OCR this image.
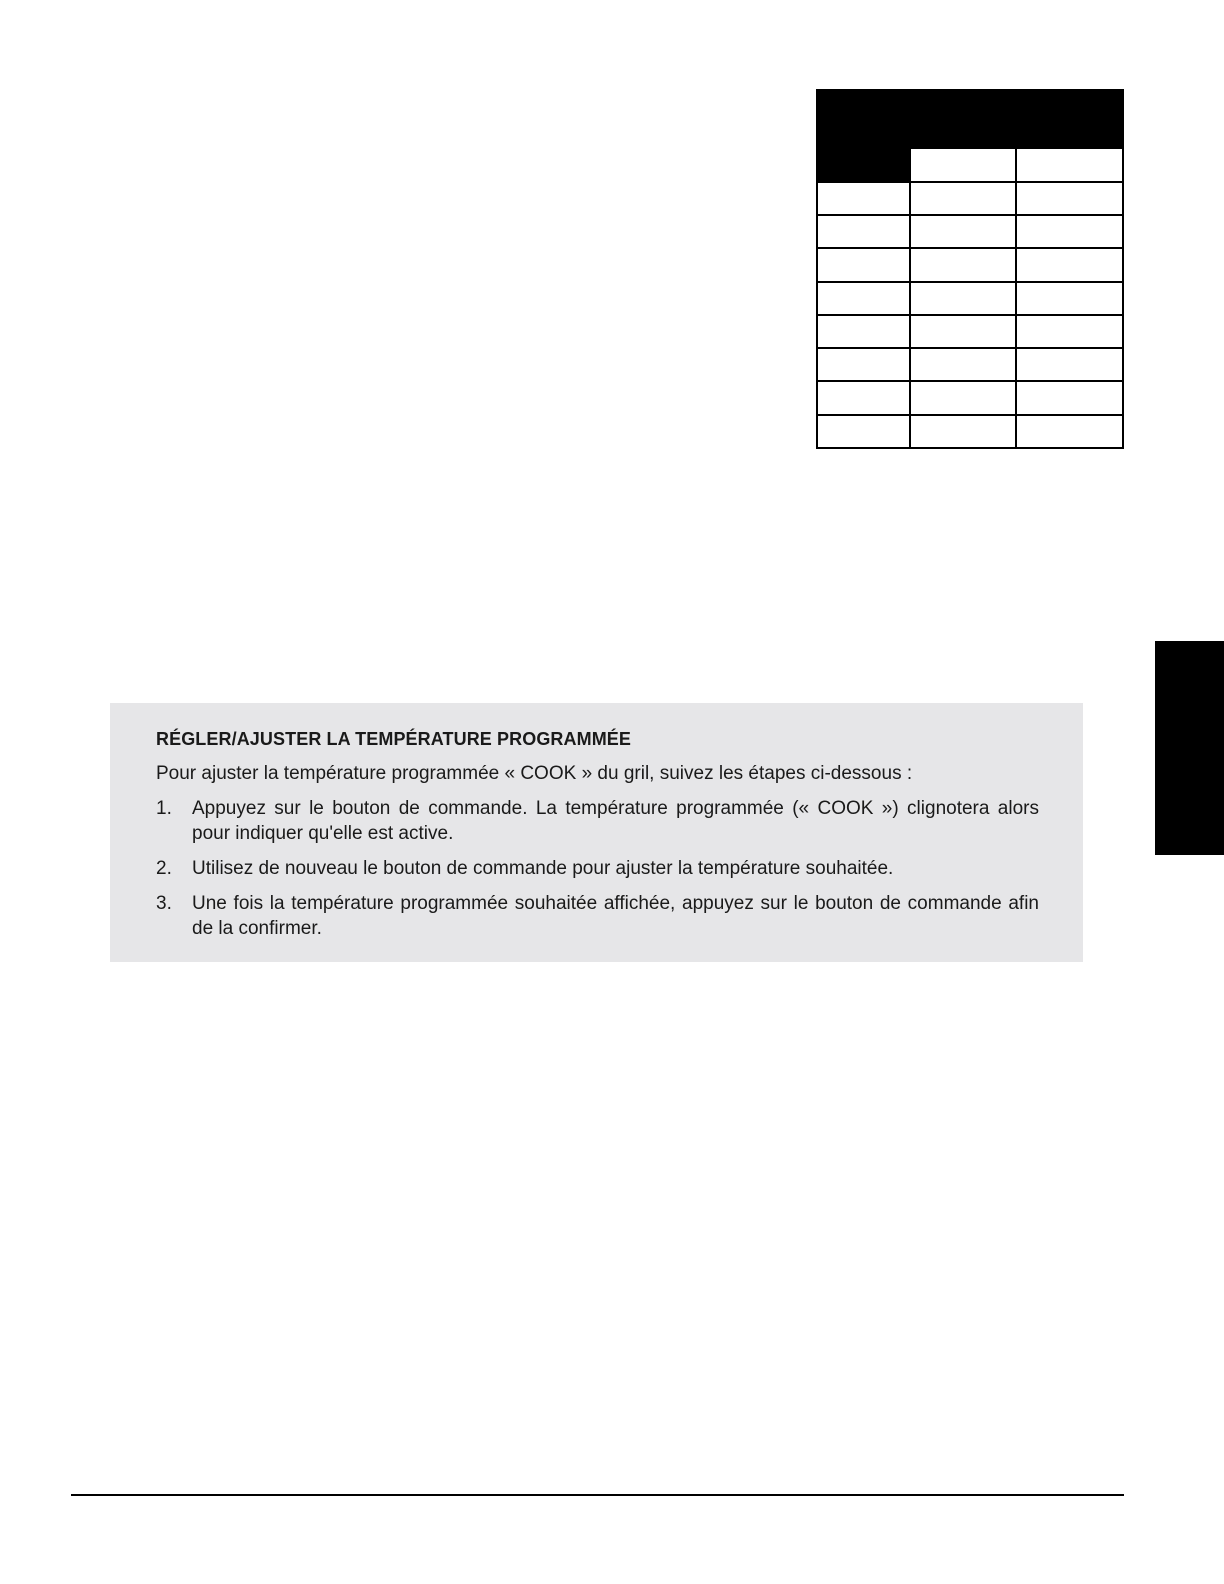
RÉGLER/AJUSTER LA TEMPÉRATURE PROGRAMMÉE
Pour ajuster la température programmée « COOK » du gril, suivez les étapes ci-dessous :
1. Appuyez sur le bouton de commande. La température programmée (« COOK ») clignotera alors pour indiquer qu'elle est active.
2. Utilisez de nouveau le bouton de commande pour ajuster la température souhaitée.
3. Une fois la température programmée souhaitée affichée, appuyez sur le bouton de commande afin de la confirmer.
